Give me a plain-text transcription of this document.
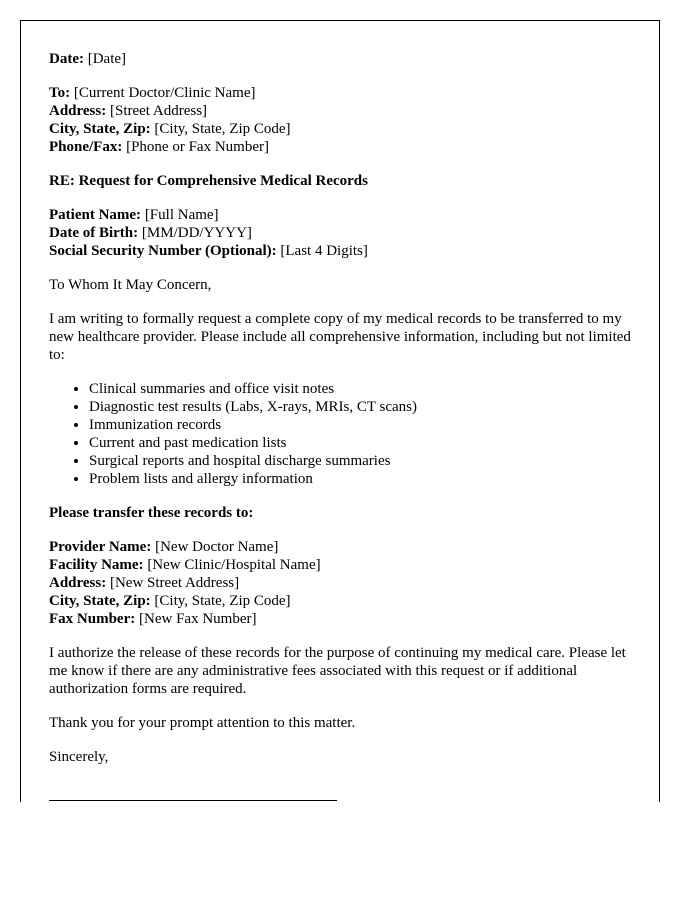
Date: [Date]
To: [Current Doctor/Clinic Name]
Address: [Street Address]
City, State, Zip: [City, State, Zip Code]
Phone/Fax: [Phone or Fax Number]
RE: Request for Comprehensive Medical Records
Patient Name: [Full Name]
Date of Birth: [MM/DD/YYYY]
Social Security Number (Optional): [Last 4 Digits]

To Whom It May Concern,

I am writing to formally request a complete copy of my medical records to be transferred to my new healthcare provider. Please include all comprehensive information, including but not limited to:

• Clinical summaries and office visit notes
• Diagnostic test results (Labs, X-rays, MRIs, CT scans)
• Immunization records
• Current and past medication lists
• Surgical reports and hospital discharge summaries
• Problem lists and allergy information
Please transfer these records to:
Provider Name: [New Doctor Name]
Facility Name: [New Clinic/Hospital Name]
Address: [New Street Address]
City, State, Zip: [City, State, Zip Code]
Fax Number: [New Fax Number]

I authorize the release of these records for the purpose of continuing my medical care. Please let me know if there are any administrative fees associated with this request or if additional authorization forms are required.

Thank you for your prompt attention to this matter.

Sincerely,
